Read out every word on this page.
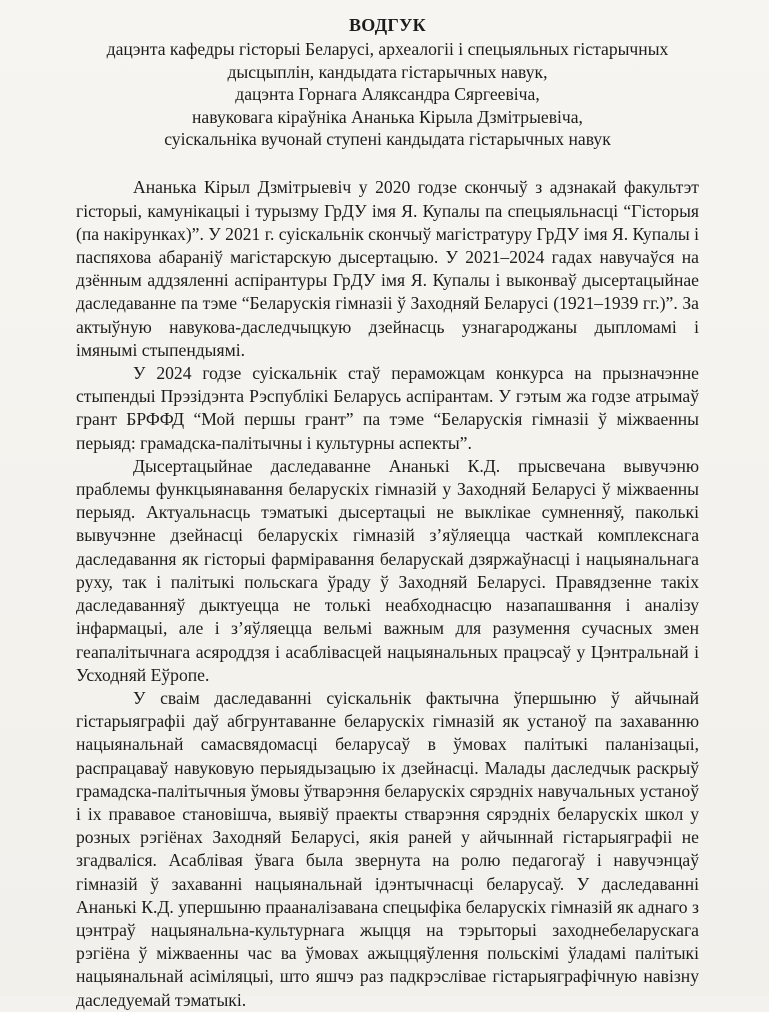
ВОДГУК
дацэнта кафедры гісторыі Беларусі, археалогіі і спецыяльных гістарычных
дысцыплін, кандыдата гістарычных навук,
дацэнта Горнага Аляксандра Сяргеевіча,
навуковага кіраўніка Ананька Кірыла Дзмітрыевіча,
суіскальніка вучонай ступені кандыдата гістарычных навук

Ананька Кірыл Дзмітрыевіч у 2020 годзе скончыў з адзнакай факультэт гісторыі, камунікацыі і турызму ГрДУ імя Я. Купалы па спецыяльнасці “Гісторыя (па накірунках)”. У 2021 г. суіскальнік скончыў магістратуру ГрДУ імя Я. Купалы і паспяхова абараніў магістарскую дысертацыю. У 2021–2024 гадах навучаўся на дзённым аддзяленні аспірантуры ГрДУ імя Я. Купалы і выконваў дысертацыйнае даследаванне па тэме “Беларускія гімназіі ў Заходняй Беларусі (1921–1939 гг.)”. За актыўную навукова-даследчыцкую дзейнасць узнагароджаны дыпломамі і імянымі стыпендыямі.

У 2024 годзе суіскальнік стаў пераможцам конкурса на прызначэнне стыпендыі Прэзідэнта Рэспублікі Беларусь аспірантам. У гэтым жа годзе атрымаў грант БРФФД “Мой першы грант” па тэме “Беларускія гімназіі ў міжваенны перыяд: грамадска-палітычны і культурны аспекты”.

Дысертацыйнае даследаванне Ананькі К.Д. прысвечана вывучэню праблемы функцыянавання беларускіх гімназій у Заходняй Беларусі ў міжваенны перыяд. Актуальнасць тэматыкі дысертацыі не выклікае сумненняў, паколькі вывучэнне дзейнасці беларускіх гімназій з’яўляецца часткай комплекснага даследавання як гісторыі фарміравання беларускай дзяржаўнасці і нацыянальнага руху, так і палітыкі польскага ўраду ў Заходняй Беларусі. Правядзенне такіх даследаванняў дыктуецца не толькі неабходнасцю назапашвання і аналізу інфармацыі, але і з’яўляецца вельмі важным для разумення сучасных змен геапалітычнага асяроддзя і асаблівасцей нацыянальных працэсаў у Цэнтральнай і Усходняй Еўропе.

У сваім даследаванні суіскальнік фактычна ўпершыню ў айчынай гістарыяграфіі даў абгрунтаванне беларускіх гімназій як устаноў па захаванню нацыянальнай самасвядомасці беларусаў в ўмовах палітыкі паланізацыі, распрацаваў навуковую перыядызацыю іх дзейнасці. Малады даследчык раскрыў грамадска-палітычныя ўмовы ўтварэння беларускіх сярэдніх навучальных устаноў і іх прававое становішча, выявіў праекты стварэння сярэдніх беларускіх школ у розных рэгіёнах Заходняй Беларусі, якія раней у айчыннай гістарыяграфіі не згадваліся. Асаблівая ўвага была звернута на ролю педагогаў і навучэнцаў гімназій ў захаванні нацыянальнай ідэнтычнасці беларусаў. У даследаванні Ананькі К.Д. упершыню прааналізавана спецыфіка беларускіх гімназій як аднаго з цэнтраў нацыянальна-культурнага жыцця на тэрыторыі заходнебеларускага рэгіёна ў міжваенны час ва ўмовах ажыццяўлення польскімі ўладамі палітыкі нацыянальнай асіміляцыі, што яшчэ раз падкрэслівае гістарыяграфічную навізну даследуемай тэматыкі.
